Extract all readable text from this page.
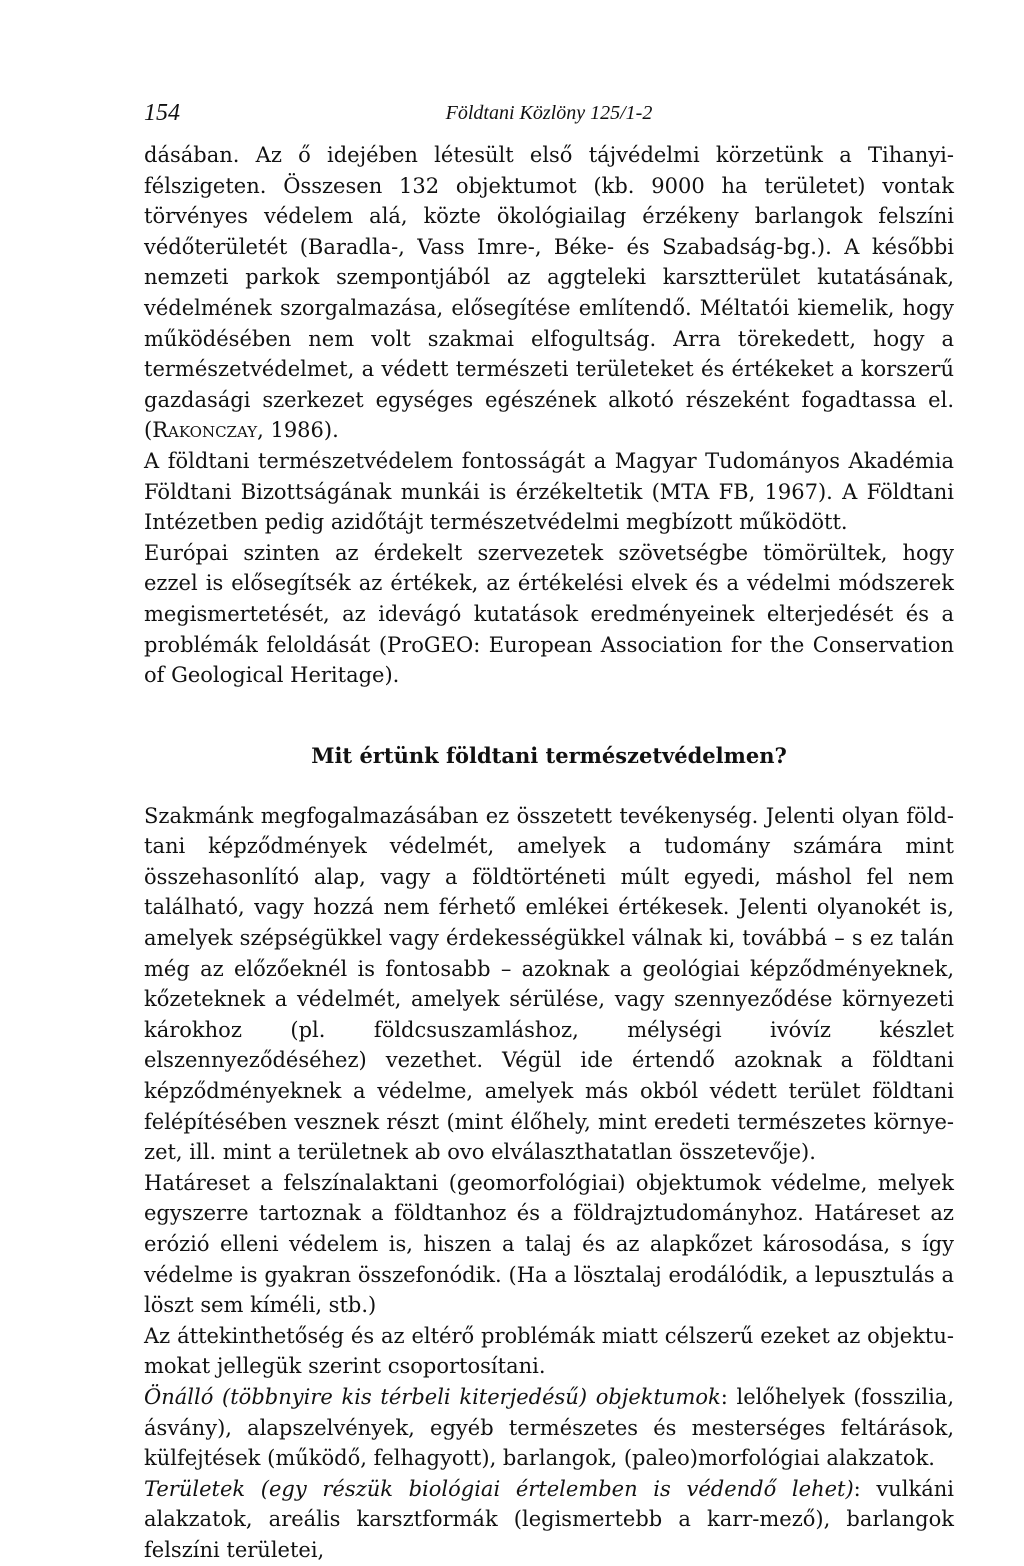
154	Földtani Közlöny 125/1-2

dásában. Az ő idejében létesült első tájvédelmi körzetünk a Tihanyi-félszigeten. Összesen 132 objektumot (kb. 9000 ha területet) vontak törvényes védelem alá, közte ökológiailag érzékeny barlangok felszíni védőterületét (Baradla-, Vass Imre-, Béke- és Szabadság-bg.). A későbbi nemzeti parkok szempontjából az aggteleki karsztterület kutatásának, védelmének szorgalmazása, elősegítése említendő. Méltatói kiemelik, hogy működésében nem volt szakmai elfogultság. Arra törekedett, hogy a természetvédelmet, a védett természeti területeket és értékeket a korszerű gazdasági szerkezet egységes egészének alkotó részeként fogadtassa el. (Rakonczay, 1986).

A földtani természetvédelem fontosságát a Magyar Tudományos Akadémia Földtani Bizottságának munkái is érzékeltetik (MTA FB, 1967). A Földtani Intézetben pedig azidőtájt természetvédelmi megbízott működött.

Európai szinten az érdekelt szervezetek szövetségbe tömörültek, hogy ezzel is elősegítsék az értékek, az értékelési elvek és a védelmi módszerek megismertetését, az idevágó kutatások eredményeinek elterjedését és a problémák feloldását (ProGEO: European Association for the Conservation of Geological Heritage).

Mit értünk földtani természetvédelmen?

Szakmánk megfogalmazásában ez összetett tevékenység. Jelenti olyan földtani képződmények védelmét, amelyek a tudomány számára mint összehasonlító alap, vagy a földtörténeti múlt egyedi, máshol fel nem található, vagy hozzá nem férhető emlékei értékesek. Jelenti olyanokét is, amelyek szépségükkel vagy érdekességükkel válnak ki, továbbá – s ez talán még az előzőeknél is fontosabb – azoknak a geológiai képződményeknek, kőzeteknek a védelmét, amelyek sérülése, vagy szennyeződése környezeti károkhoz (pl. földcsuszamláshoz, mélységi ivóvíz készlet elszennyeződéséhez) vezethet. Végül ide értendő azoknak a földtani képződményeknek a védelme, amelyek más okból védett terület földtani felépítésében vesznek részt (mint élőhely, mint eredeti természetes környezet, ill. mint a területnek ab ovo elválaszthatatlan összetevője).

Határeset a felszínalaktani (geomorfológiai) objektumok védelme, melyek egyszerre tartoznak a földtanhoz és a földrajztudományhoz. Határeset az erózió elleni védelem is, hiszen a talaj és az alapkőzet károsodása, s így védelme is gyakran összefonódik. (Ha a lösztalaj erodálódik, a lepusztulás a löszt sem kíméli, stb.)

Az áttekinthetőség és az eltérő problémák miatt célszerű ezeket az objektumokat jellegük szerint csoportosítani.

Önálló (többnyire kis térbeli kiterjedésű) objektumok: lelőhelyek (fosszilia, ásvány), alapszelvények, egyéb természetes és mesterséges feltárások, külfejtések (működő, felhagyott), barlangok, (paleo)morfológiai alakzatok.

Területek (egy részük biológiai értelemben is védendő lehet): vulkáni alakzatok, areális karsztformák (legismertebb a karr-mező), barlangok felszíni területei,
